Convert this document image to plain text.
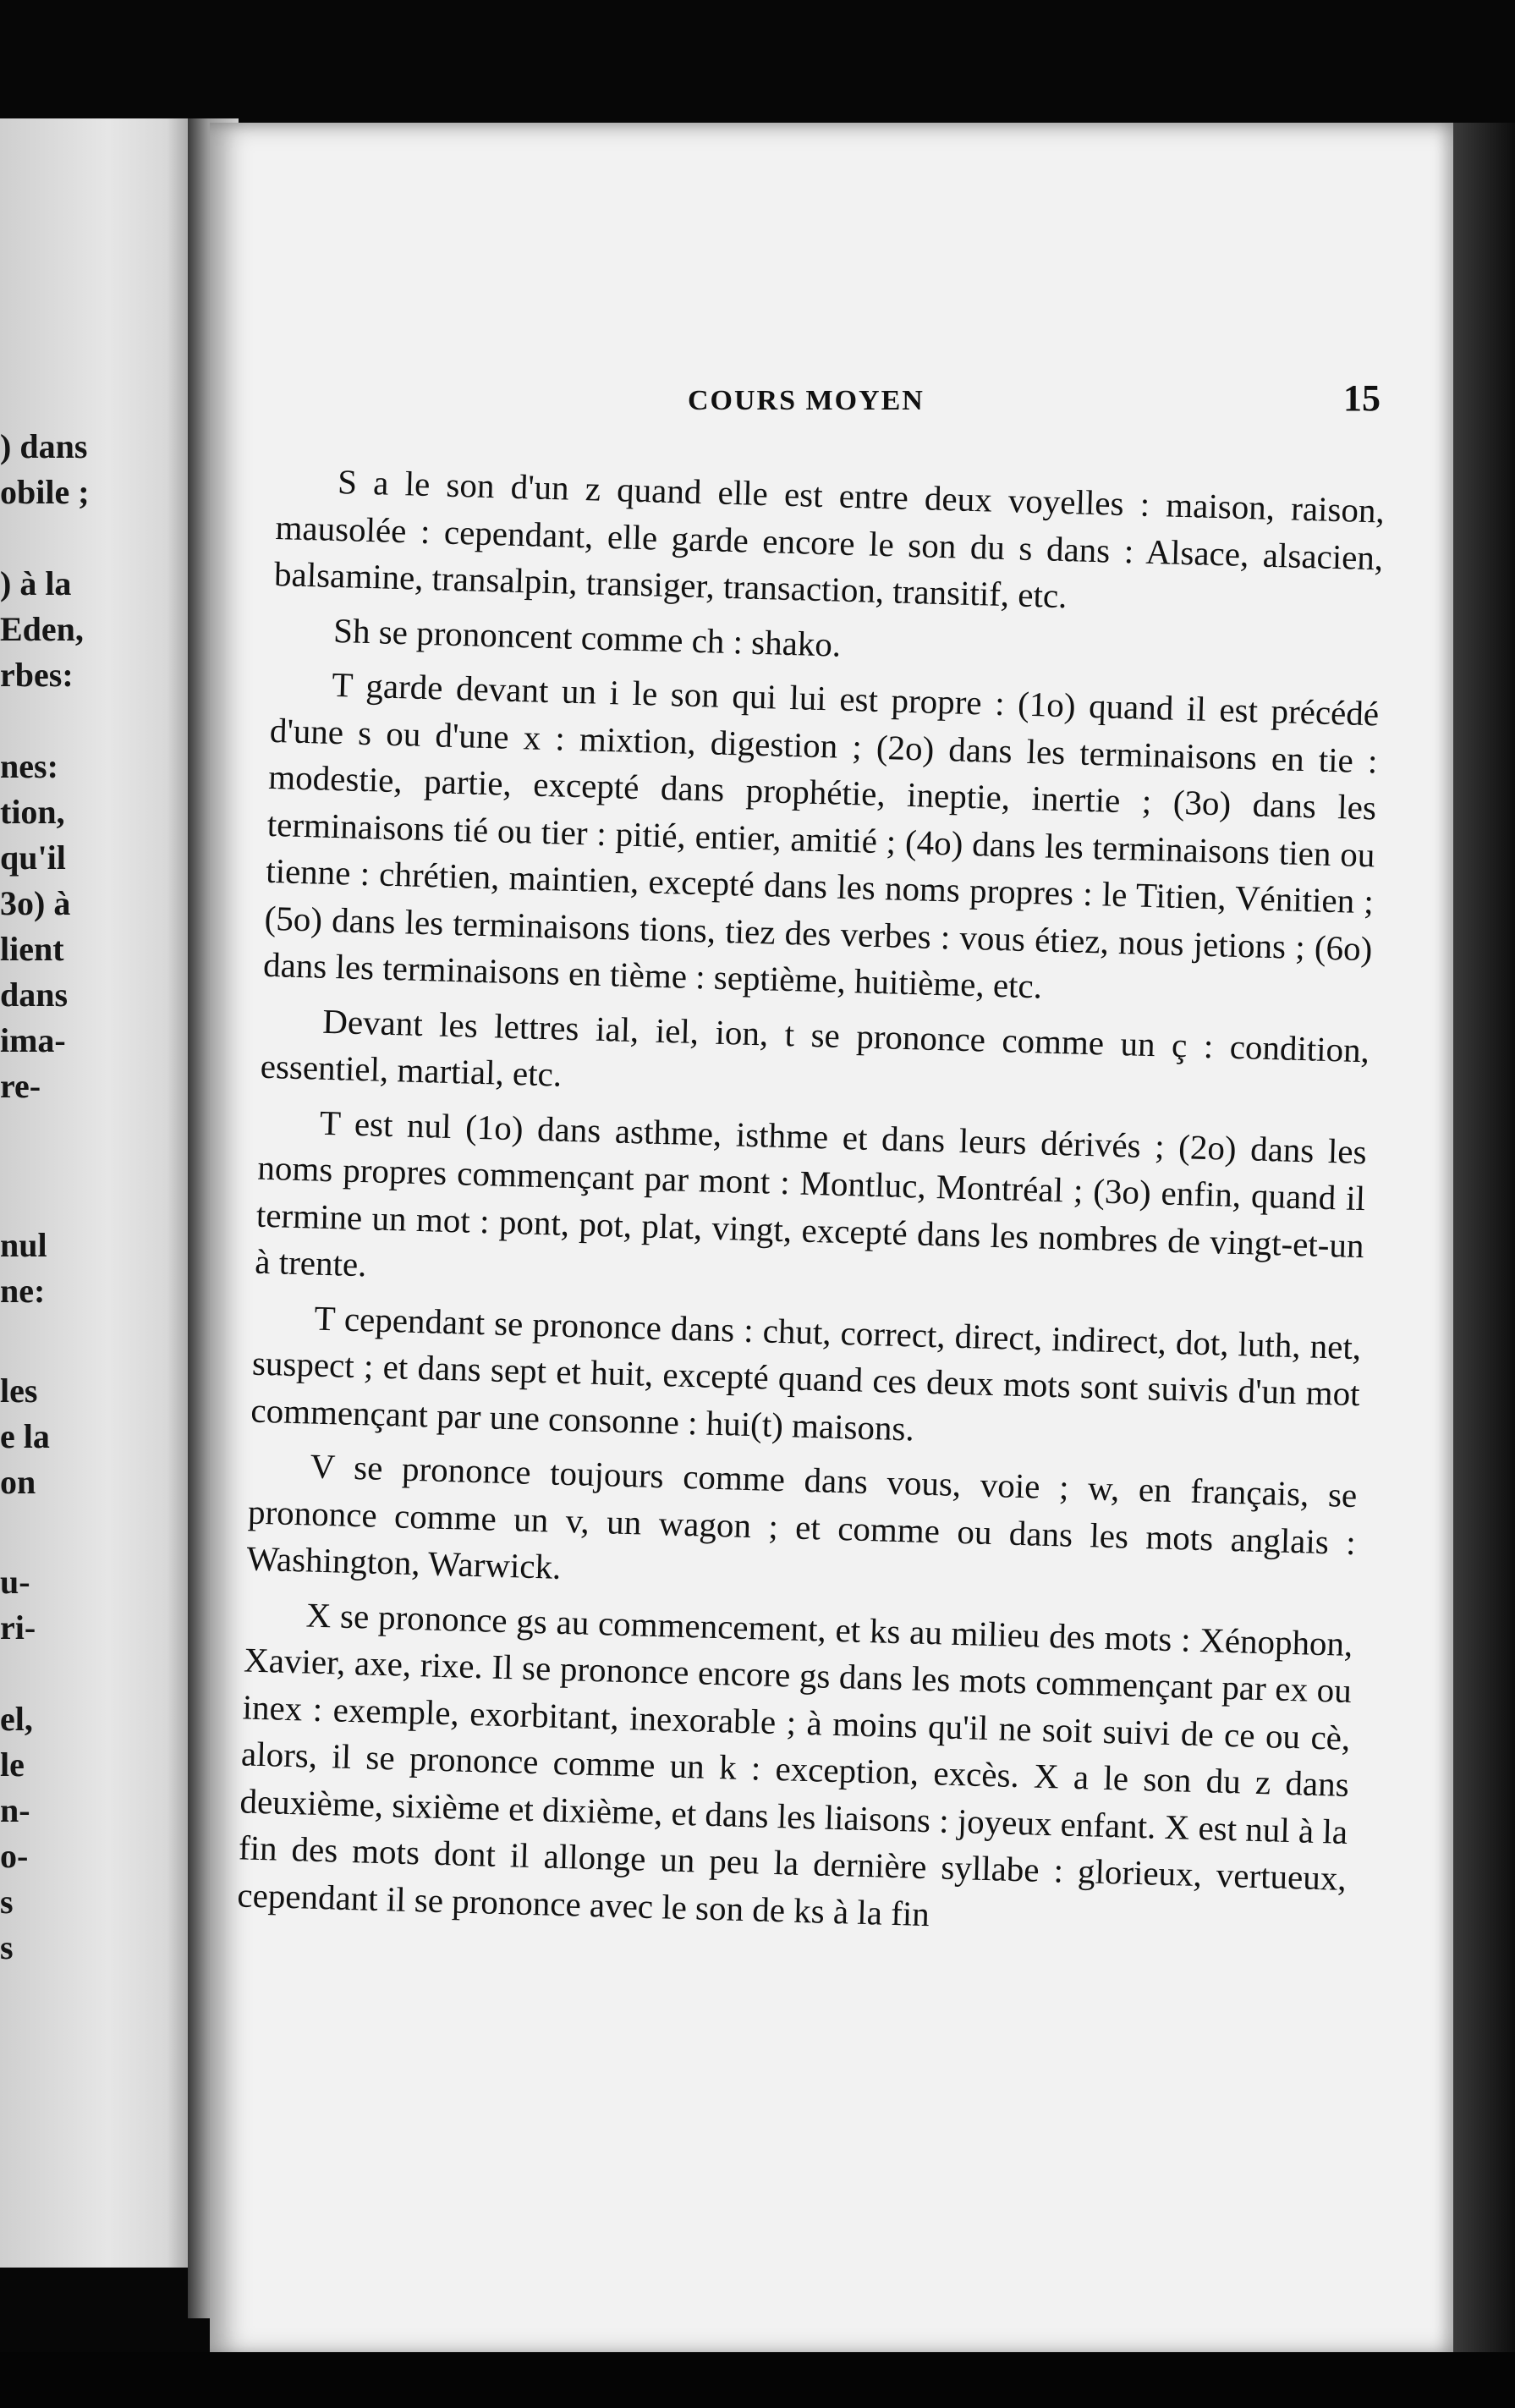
) dans
obile ;
) à la
Eden,
rbes:
nes:
tion,
qu'il
3o) à
lient
dans
ima-
re-
nul
ne:
les
e la
on
u-
ri-
el,
le
n-
o-
s
s
COURS MOYEN	15

S a le son d'un z quand elle est entre deux voyelles : maison, raison, mausolée : cependant, elle garde encore le son du s dans : Alsace, alsacien, balsamine, transalpin, transiger, transaction, transitif, etc.

Sh se prononcent comme ch : shako.

T garde devant un i le son qui lui est propre : (1o) quand il est précédé d'une s ou d'une x : mixtion, digestion ; (2o) dans les terminaisons en tie : modestie, partie, excepté dans prophétie, ineptie, inertie ; (3o) dans les terminaisons tié ou tier : pitié, entier, amitié ; (4o) dans les terminaisons tien ou tienne : chrétien, maintien, excepté dans les noms propres : le Titien, Vénitien ; (5o) dans les terminaisons tions, tiez des verbes : vous étiez, nous jetions ; (6o) dans les terminaisons en tième : septième, huitième, etc.

Devant les lettres ial, iel, ion, t se prononce comme un ç : condition, essentiel, martial, etc.

T est nul (1o) dans asthme, isthme et dans leurs dérivés ; (2o) dans les noms propres commençant par mont : Montluc, Montréal ; (3o) enfin, quand il termine un mot : pont, pot, plat, vingt, excepté dans les nombres de vingt-et-un à trente.

T cependant se prononce dans : chut, correct, direct, indirect, dot, luth, net, suspect ; et dans sept et huit, excepté quand ces deux mots sont suivis d'un mot commençant par une consonne : hui(t) maisons.

V se prononce toujours comme dans vous, voie ; w, en français, se prononce comme un v, un wagon ; et comme ou dans les mots anglais : Washington, Warwick.

X se prononce gs au commencement, et ks au milieu des mots : Xénophon, Xavier, axe, rixe. Il se prononce encore gs dans les mots commençant par ex ou inex : exemple, exorbitant, inexorable ; à moins qu'il ne soit suivi de ce ou cè, alors, il se prononce comme un k : exception, excès. X a le son du z dans deuxième, sixième et dixième, et dans les liaisons : joyeux enfant. X est nul à la fin des mots dont il allonge un peu la dernière syllabe : glorieux, vertueux, cependant il se prononce avec le son de ks à la fin
